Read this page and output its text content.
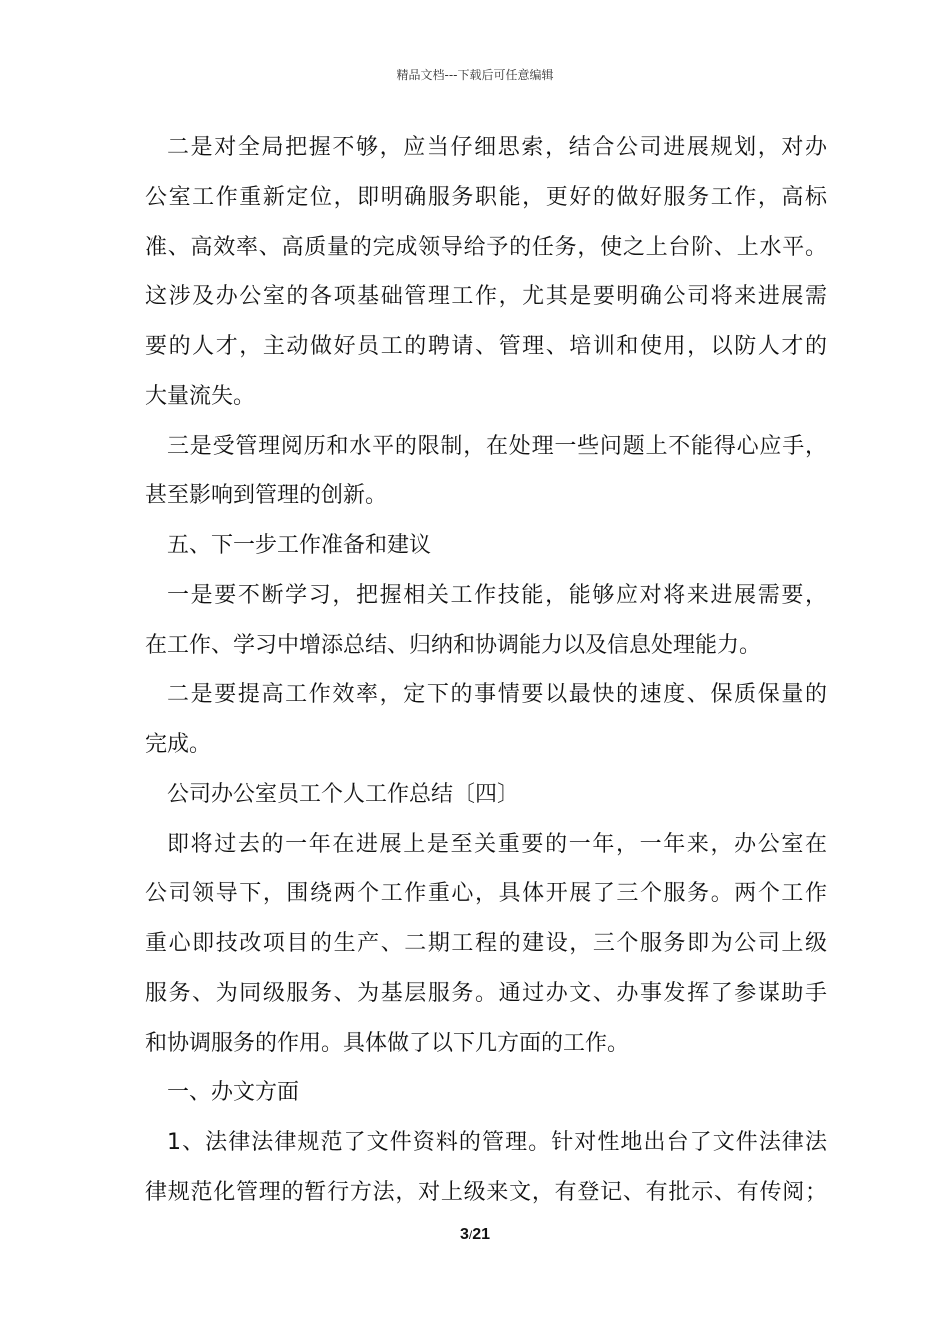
精品文档---下载后可任意编辑
二是对全局把握不够，应当仔细思索，结合公司进展规划，对办
公室工作重新定位，即明确服务职能，更好的做好服务工作，高标
准、高效率、高质量的完成领导给予的任务，使之上台阶、上水平。
这涉及办公室的各项基础管理工作，尤其是要明确公司将来进展需
要的人才，主动做好员工的聘请、管理、培训和使用，以防人才的
大量流失。
三是受管理阅历和水平的限制，在处理一些问题上不能得心应手，
甚至影响到管理的创新。
五、下一步工作准备和建议
一是要不断学习，把握相关工作技能，能够应对将来进展需要，
在工作、学习中增添总结、归纳和协调能力以及信息处理能力。
二是要提高工作效率，定下的事情要以最快的速度、保质保量的
完成。
公司办公室员工个人工作总结〔四〕
即将过去的一年在进展上是至关重要的一年，一年来，办公室在
公司领导下，围绕两个工作重心，具体开展了三个服务。两个工作
重心即技改项目的生产、二期工程的建设，三个服务即为公司上级
服务、为同级服务、为基层服务。通过办文、办事发挥了参谋助手
和协调服务的作用。具体做了以下几方面的工作。
一、办文方面
1、法律法律规范了文件资料的管理。针对性地出台了文件法律法
律规范化管理的暂行方法，对上级来文，有登记、有批示、有传阅；
3/21
